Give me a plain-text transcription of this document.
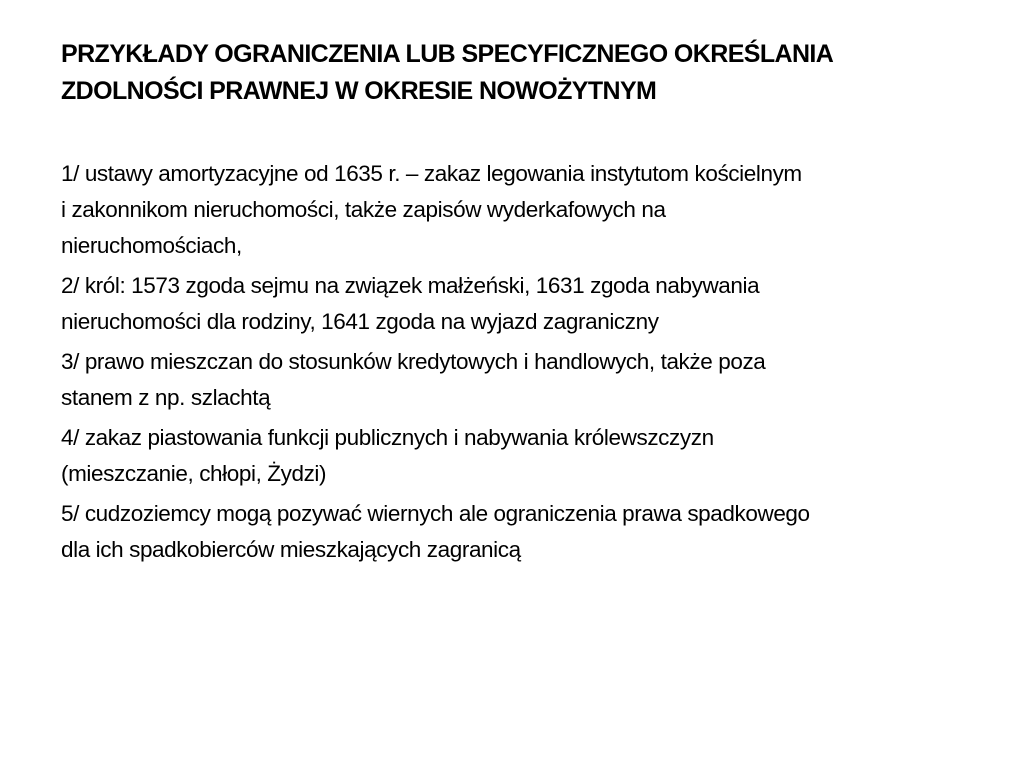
PRZYKŁADY OGRANICZENIA LUB SPECYFICZNEGO OKREŚLANIA
ZDOLNOŚCI PRAWNEJ W OKRESIE NOWOŻYTNYM
1/ ustawy amortyzacyjne od 1635 r. – zakaz legowania instytutom kościelnym
i zakonnikom nieruchomości, także zapisów wyderkafowych na
nieruchomościach,
2/ król: 1573 zgoda sejmu na związek małżeński, 1631 zgoda nabywania
nieruchomości dla rodziny, 1641 zgoda na wyjazd zagraniczny
3/ prawo mieszczan do stosunków kredytowych i handlowych, także poza
stanem z np. szlachtą
4/ zakaz piastowania funkcji publicznych i nabywania królewszczyzn
(mieszczanie, chłopi, Żydzi)
5/ cudzoziemcy mogą pozywać wiernych ale ograniczenia prawa spadkowego
dla ich spadkobierców mieszkających zagranicą
